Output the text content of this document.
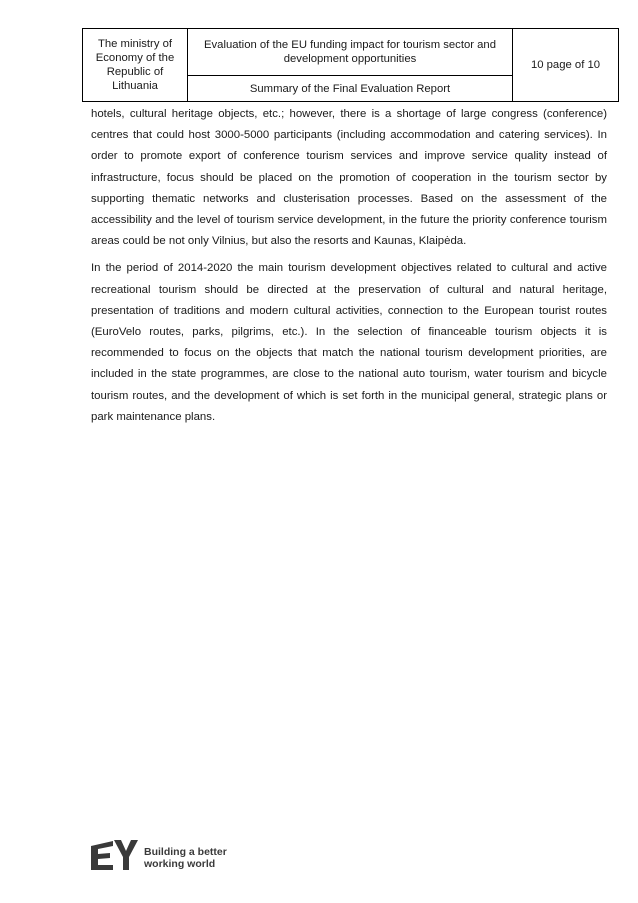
The ministry of Economy of the Republic of Lithuania	Evaluation of the EU funding impact for tourism sector and development opportunities	10 page of 10
Summary of the Final Evaluation Report

hotels, cultural heritage objects, etc.; however, there is a shortage of large congress (conference) centres that could host 3000-5000 participants (including accommodation and catering services). In order to promote export of conference tourism services and improve service quality instead of infrastructure, focus should be placed on the promotion of cooperation in the tourism sector by supporting thematic networks and clusterisation processes. Based on the assessment of the accessibility and the level of tourism service development, in the future the priority conference tourism areas could be not only Vilnius, but also the resorts and Kaunas, Klaipėda.

In the period of 2014-2020 the main tourism development objectives related to cultural and active recreational tourism should be directed at the preservation of cultural and natural heritage, presentation of traditions and modern cultural activities, connection to the European tourist routes (EuroVelo routes, parks, pilgrims, etc.). In the selection of financeable tourism objects it is recommended to focus on the objects that match the national tourism development priorities, are included in the state programmes, are close to the national auto tourism, water tourism and bicycle tourism routes, and the development of which is set forth in the municipal general, strategic plans or park maintenance plans.

Building a better
working world
